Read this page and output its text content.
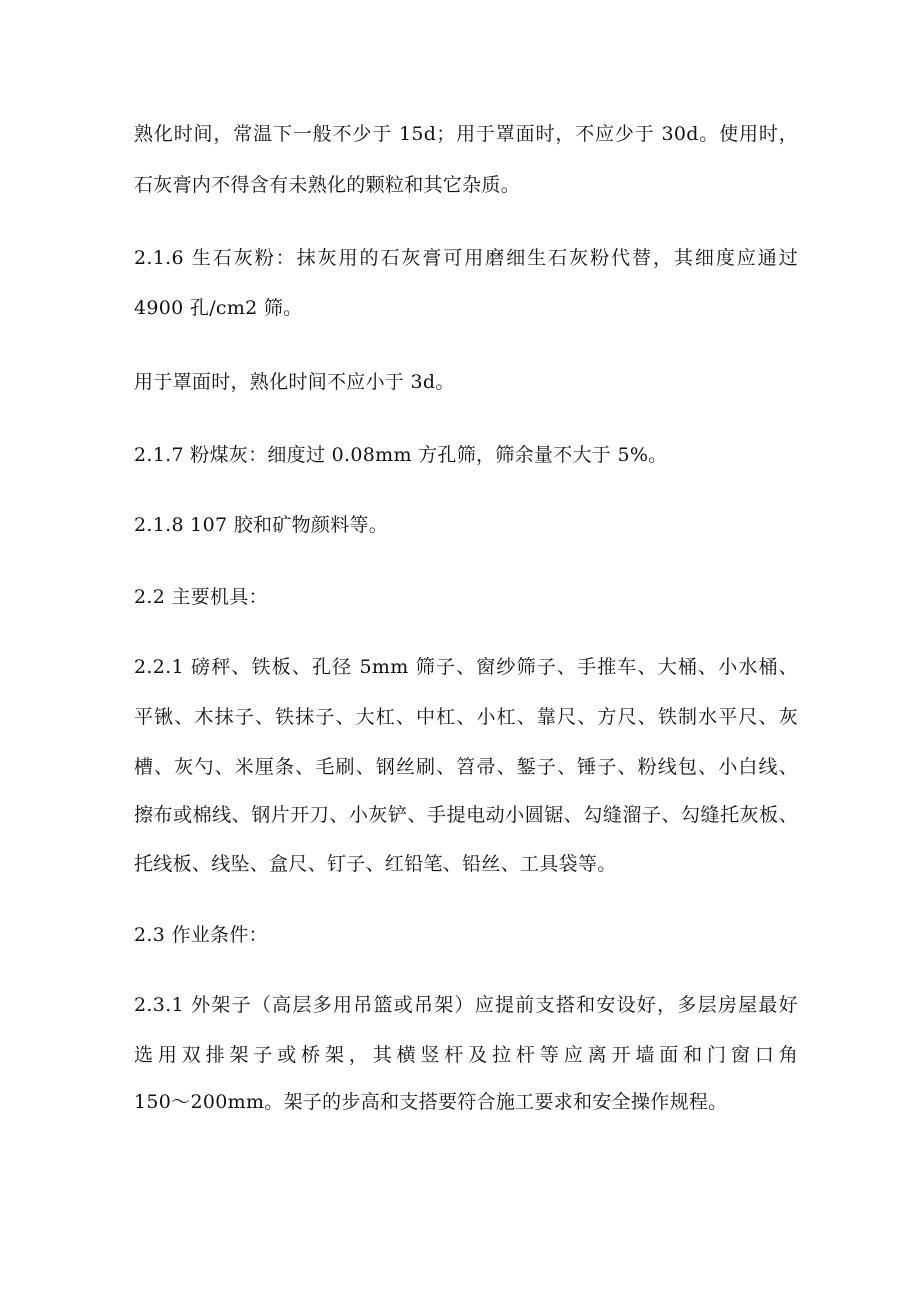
熟化时间，常温下一般不少于 15d；用于罩面时，不应少于 30d。使用时，
石灰膏内不得含有未熟化的颗粒和其它杂质。
2.1.6 生石灰粉：抹灰用的石灰膏可用磨细生石灰粉代替，其细度应通过
4900 孔/cm2 筛。
用于罩面时，熟化时间不应小于 3d。
2.1.7 粉煤灰：细度过 0.08mm 方孔筛，筛余量不大于 5%。
2.1.8 107 胶和矿物颜料等。
2.2 主要机具：
2.2.1 磅秤、铁板、孔径 5mm 筛子、窗纱筛子、手推车、大桶、小水桶、
平锹、木抹子、铁抹子、大杠、中杠、小杠、靠尺、方尺、铁制水平尺、灰
槽、灰勺、米厘条、毛刷、钢丝刷、笤帚、錾子、锤子、粉线包、小白线、
擦布或棉线、钢片开刀、小灰铲、手提电动小圆锯、勾缝溜子、勾缝托灰板、
托线板、线坠、盒尺、钉子、红铅笔、铅丝、工具袋等。
2.3 作业条件：
2.3.1 外架子（高层多用吊篮或吊架）应提前支搭和安设好，多层房屋最好
选用双排架子或桥架，其横竖杆及拉杆等应离开墙面和门窗口角
150～200mm。架子的步高和支搭要符合施工要求和安全操作规程。
